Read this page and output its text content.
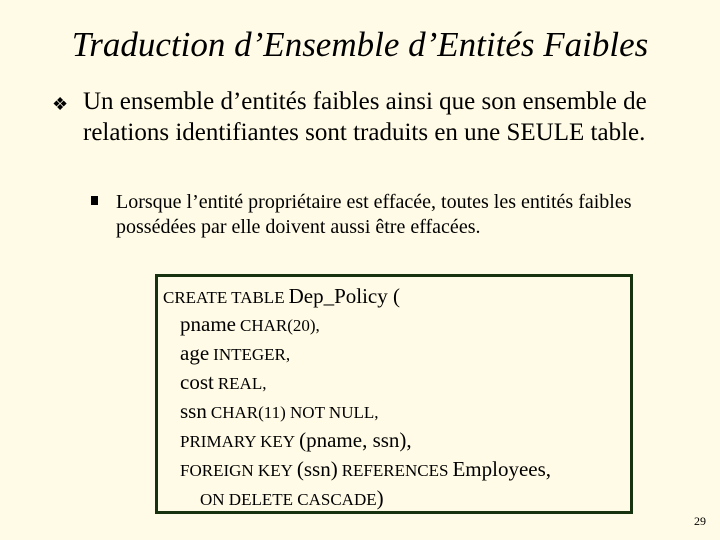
Traduction d’Ensemble d’Entités Faibles
❖ Un ensemble d’entités faibles ainsi que son ensemble de relations identifiantes sont traduits en une SEULE table.
Lorsque l’entité propriétaire est effacée, toutes les entités faibles possédées par elle doivent aussi être effacées.
CREATE TABLE Dep_Policy (
pname CHAR(20),
age INTEGER,
cost REAL,
ssn CHAR(11) NOT NULL,
PRIMARY KEY (pname, ssn),
FOREIGN KEY (ssn) REFERENCES Employees,
ON DELETE CASCADE)
29
